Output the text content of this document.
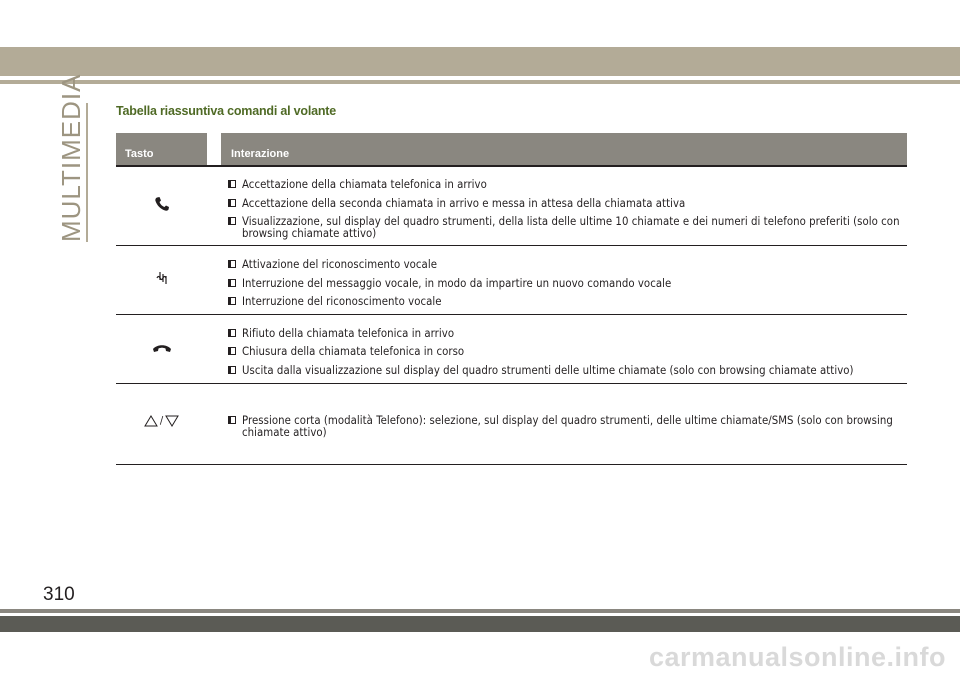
MULTIMEDIA Tabella riassuntiva comandi al volante
Tasto	Interazione
Accettazione della chiamata telefonica in arrivo
Accettazione della seconda chiamata in arrivo e messa in attesa della chiamata attiva
Visualizzazione, sul display del quadro strumenti, della lista delle ultime 10 chiamate e dei numeri di telefono preferiti (solo con browsing chiamate attivo)
Attivazione del riconoscimento vocale
Interruzione del messaggio vocale, in modo da impartire un nuovo comando vocale
Interruzione del riconoscimento vocale
Rifiuto della chiamata telefonica in arrivo
Chiusura della chiamata telefonica in corso
Uscita dalla visualizzazione sul display del quadro strumenti delle ultime chiamate (solo con browsing chiamate attivo)
/	Pressione corta (modalità Telefono): selezione, sul display del quadro strumenti, delle ultime chiamate/SMS (solo con browsing chiamate attivo)
310
carmanualsonline.info
